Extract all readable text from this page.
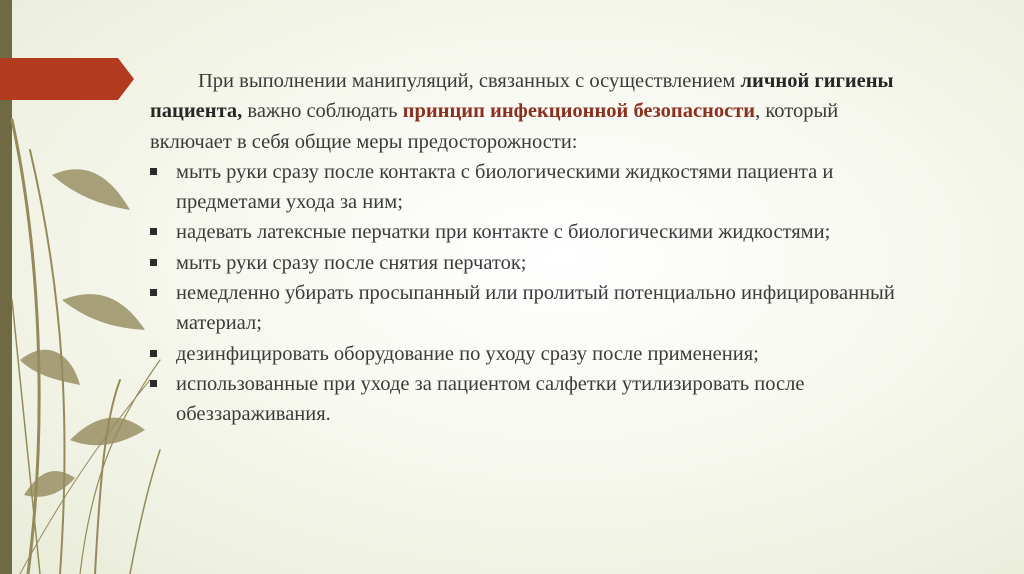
При выполнении манипуляций, связанных с осуществлением личной гигиены пациента, важно соблюдать принцип инфекционной безопасности, который включает в себя общие меры предосторожности:

мыть руки сразу после контакта с биологическими жидкостями пациента и предметами ухода за ним;
надевать латексные перчатки при контакте с биологическими жидкостями;
мыть руки сразу после снятия перчаток;
немедленно убирать просыпанный или пролитый потенциально инфицированный материал;
дезинфицировать оборудование по уходу сразу после применения;
использованные при уходе за пациентом салфетки утилизировать после обеззараживания.
